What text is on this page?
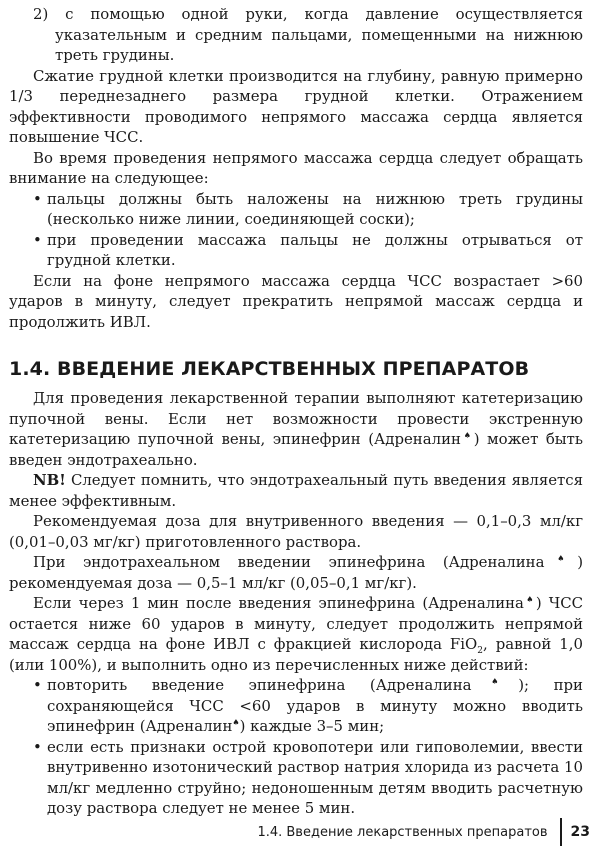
2) с помощью одной руки, когда давление осуществляется указательным и средним пальцами, помещенными на нижнюю треть грудины.

Сжатие грудной клетки производится на глубину, равную примерно 1/3 переднезаднего размера грудной клетки. Отражением эффективности проводимого непрямого массажа сердца является повышение ЧСС.

Во время проведения непрямого массажа сердца следует обращать внимание на следующее:

• пальцы должны быть наложены на нижнюю треть грудины (несколько ниже линии, соединяющей соски);
• при проведении массажа пальцы не должны отрываться от грудной клетки.

Если на фоне непрямого массажа сердца ЧСС возрастает >60 ударов в минуту, следует прекратить непрямой массаж сердца и продолжить ИВЛ.

1.4. ВВЕДЕНИЕ ЛЕКАРСТВЕННЫХ ПРЕПАРАТОВ

Для проведения лекарственной терапии выполняют катетеризацию пупочной вены. Если нет возможности провести экстренную катетеризацию пупочной вены, эпинефрин (Адреналин♠) может быть введен эндотрахеально.

NB! Следует помнить, что эндотрахеальный путь введения является менее эффективным.

Рекомендуемая доза для внутривенного введения — 0,1–0,3 мл/кг (0,01–0,03 мг/кг) приготовленного раствора.

При эндотрахеальном введении эпинефрина (Адреналина♠) рекомендуемая доза — 0,5–1 мл/кг (0,05–0,1 мг/кг).

Если через 1 мин после введения эпинефрина (Адреналина♠) ЧСС остается ниже 60 ударов в минуту, следует продолжить непрямой массаж сердца на фоне ИВЛ с фракцией кислорода FiO$_2$, равной 1,0 (или 100%), и выполнить одно из перечисленных ниже действий:

• повторить введение эпинефрина (Адреналина♠); при сохраняющейся ЧСС <60 ударов в минуту можно вводить эпинефрин (Адреналин♠) каждые 3–5 мин;
• если есть признаки острой кровопотери или гиповолемии, ввести внутривенно изотонический раствор натрия хлорида из расчета 10 мл/кг медленно струйно; недоношенным детям вводить расчетную дозу раствора следует не менее 5 мин.
1.4. Введение лекарственных препаратов 23
